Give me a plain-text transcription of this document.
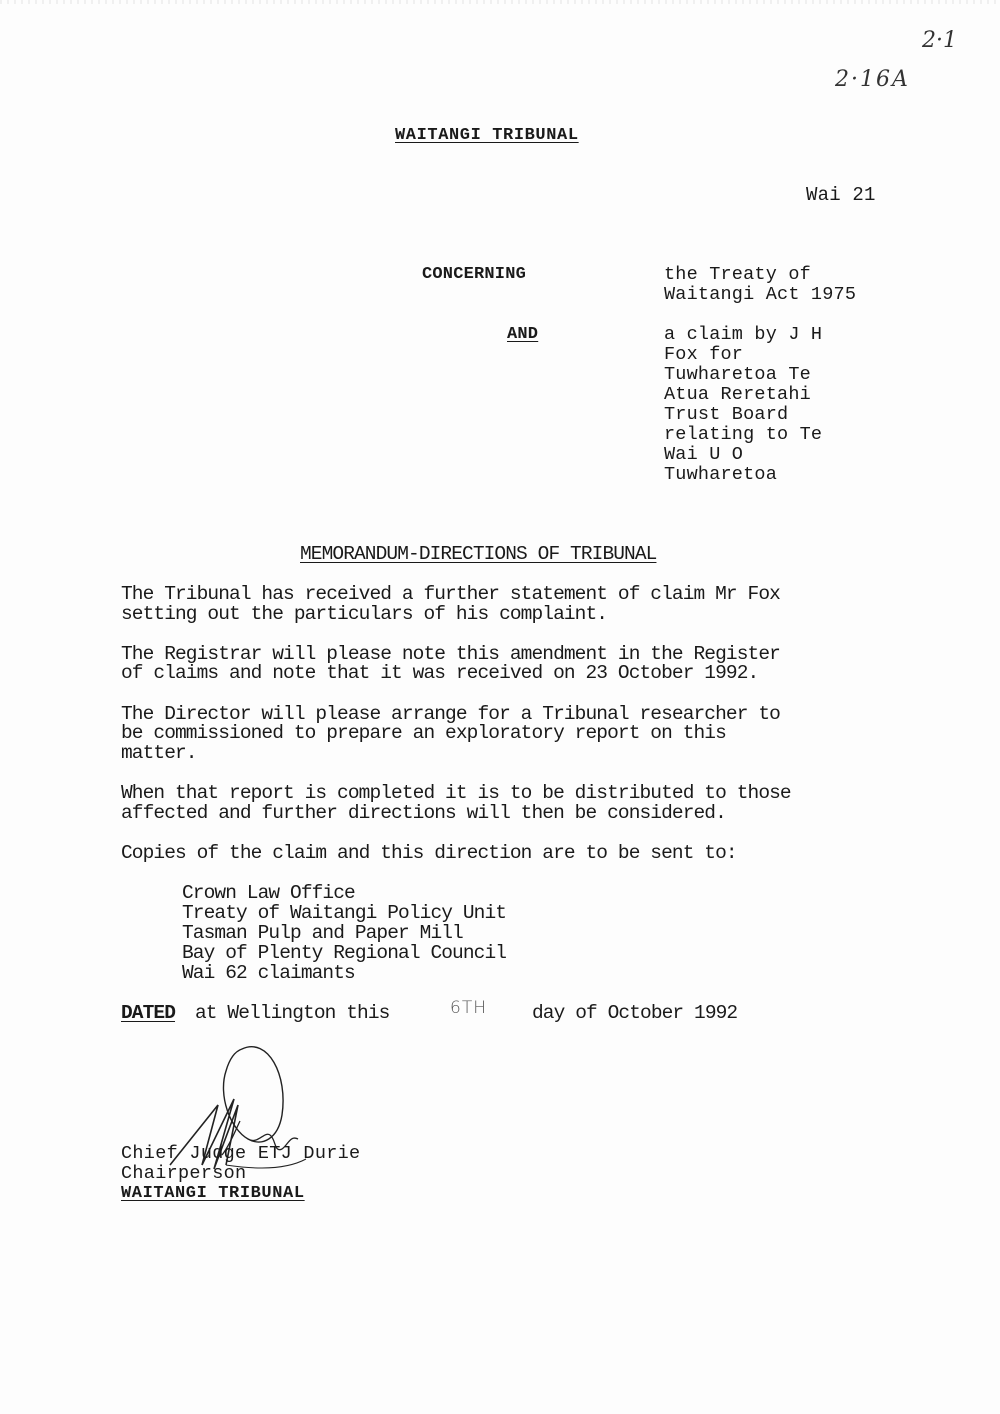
2·1
2·16A
WAITANGI TRIBUNAL
Wai 21
CONCERNING	the Treaty of
Waitangi Act 1975
AND	a claim by J H
Fox for
Tuwharetoa Te
Atua Reretahi
Trust Board
relating to Te
Wai U O
Tuwharetoa
MEMORANDUM-DIRECTIONS OF TRIBUNAL
The Tribunal has received a further statement of claim Mr Fox
setting out the particulars of his complaint.
The Registrar will please note this amendment in the Register
of claims and note that it was received on 23 October 1992.
The Director will please arrange for a Tribunal researcher to
be commissioned to prepare an exploratory report on this
matter.
When that report is completed it is to be distributed to those
affected and further directions will then be considered.
Copies of the claim and this direction are to be sent to:
Crown Law Office
Treaty of Waitangi Policy Unit
Tasman Pulp and Paper Mill
Bay of Plenty Regional Council
Wai 62 claimants
DATED at Wellington this	6TH day of October 1992
Chief Judge ETJ Durie
Chairperson
WAITANGI TRIBUNAL
